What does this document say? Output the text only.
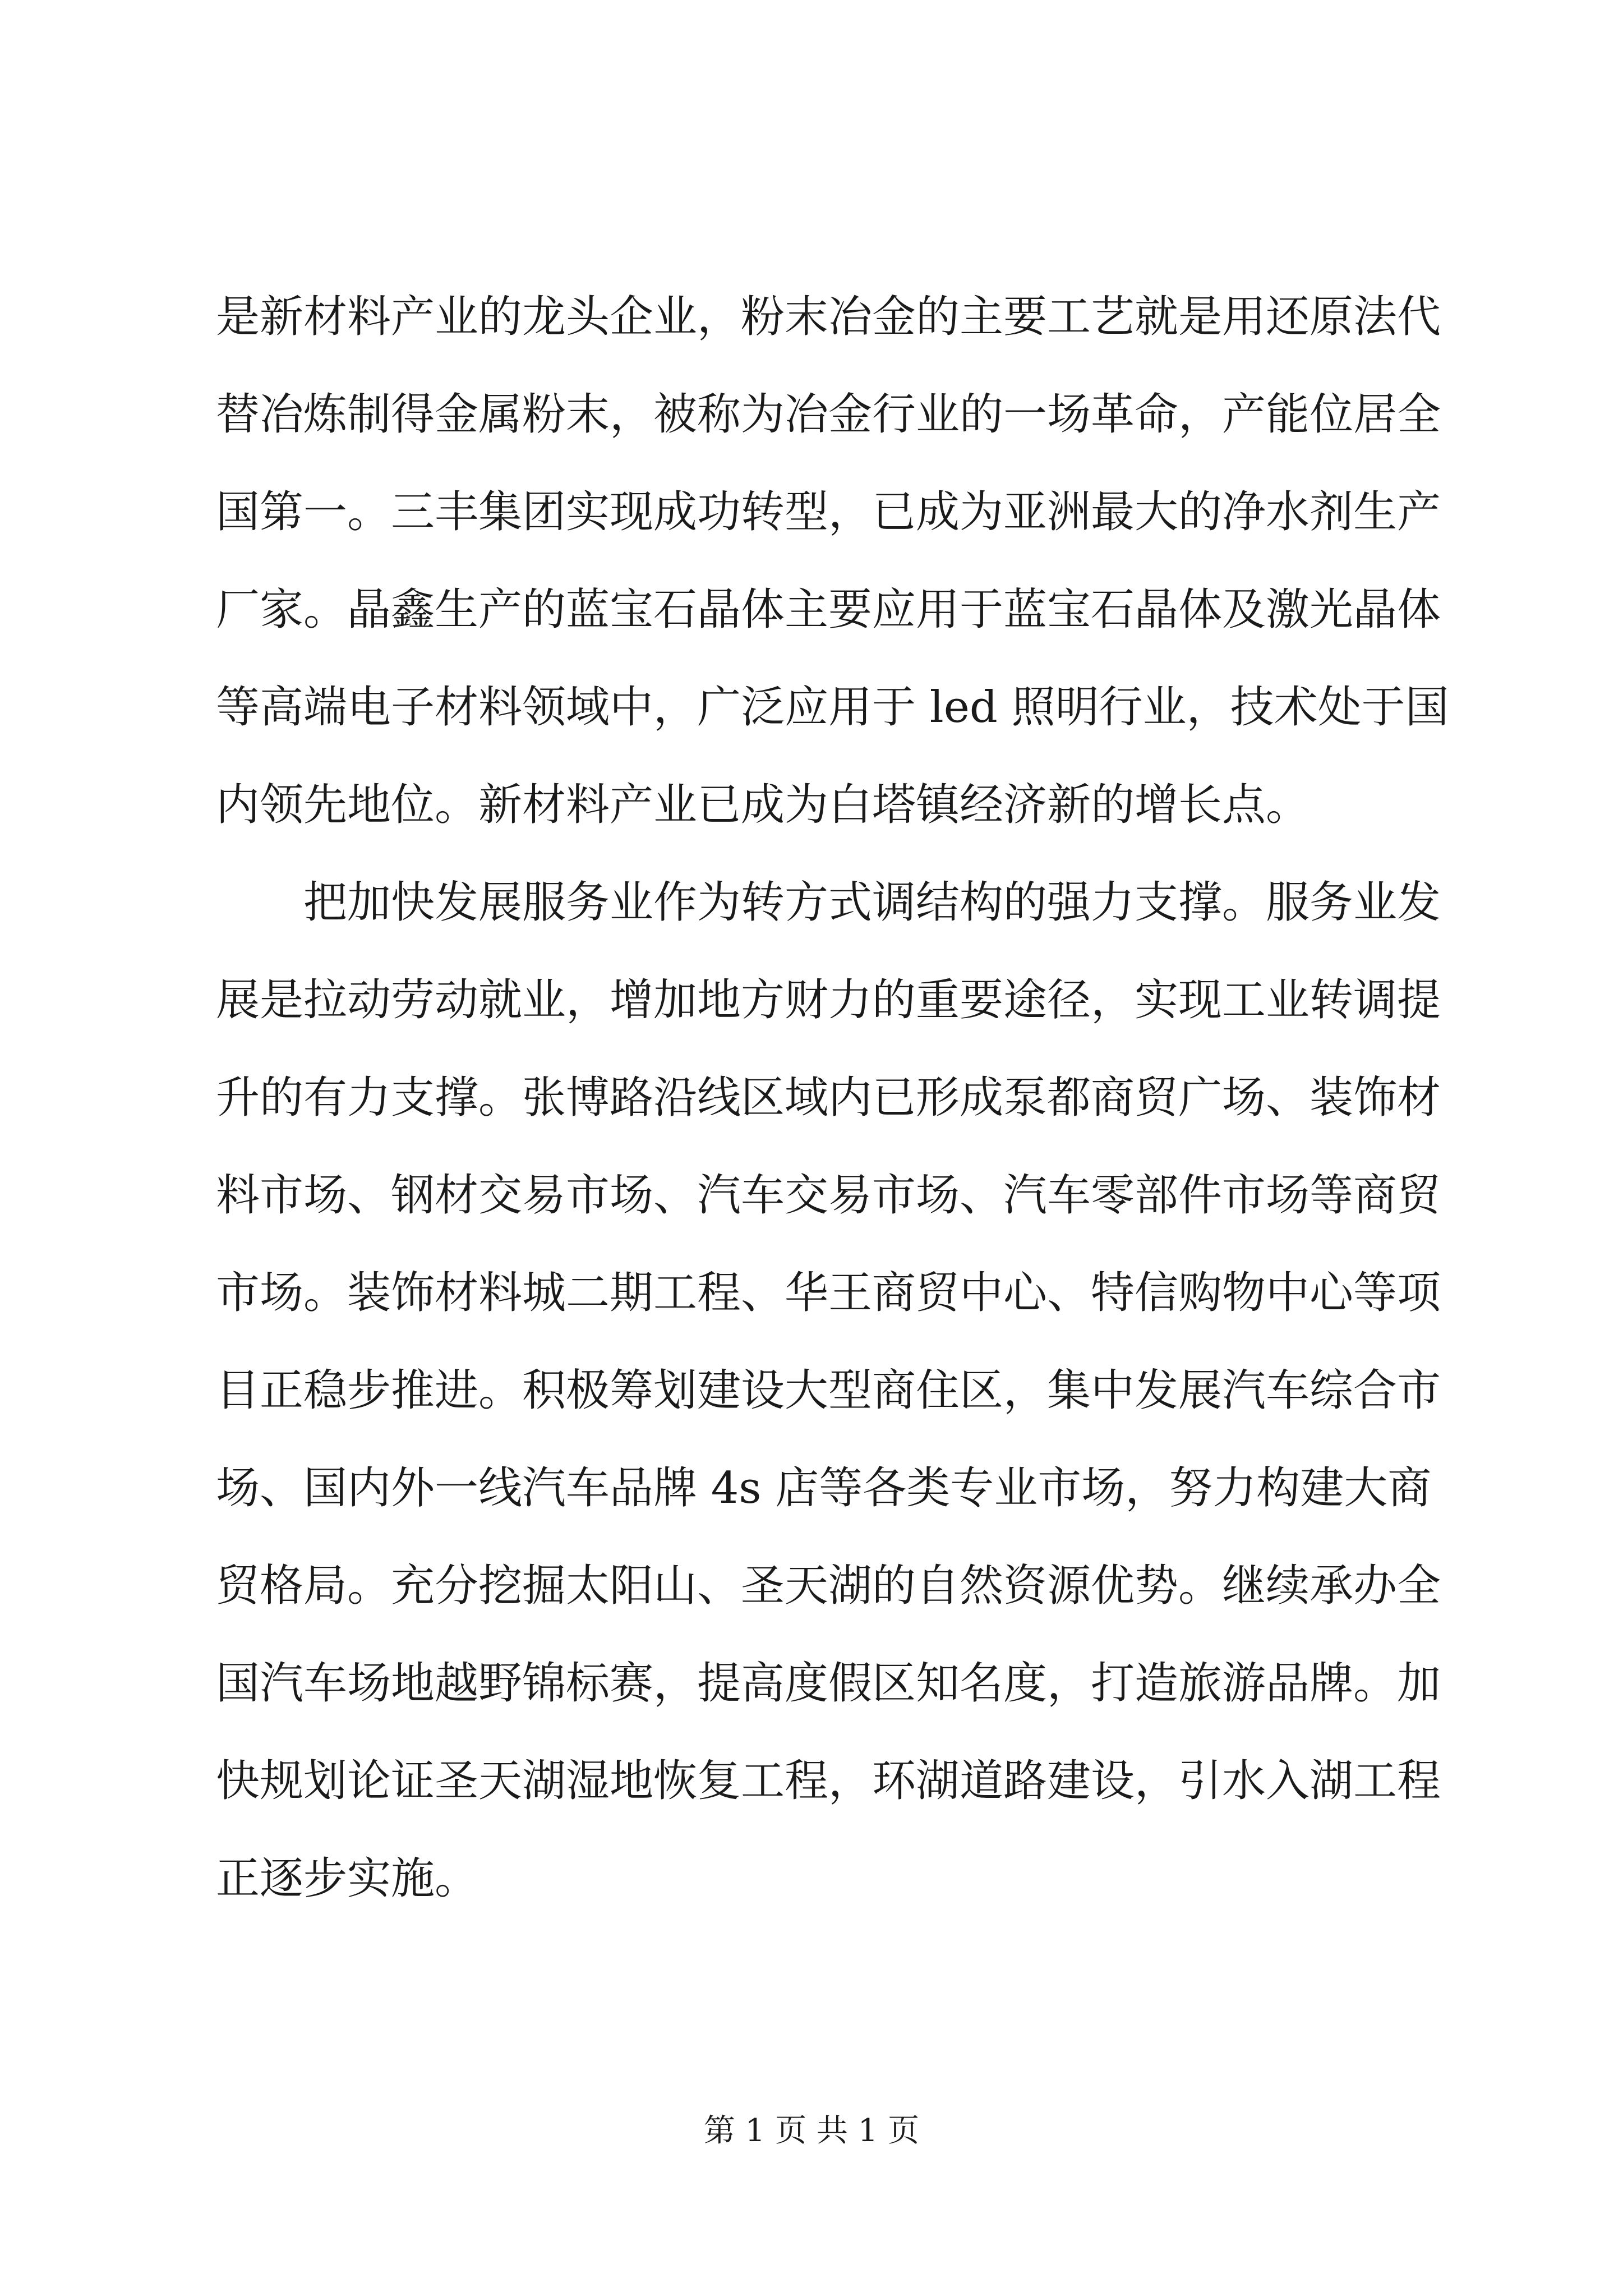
是新材料产业的龙头企业，粉末冶金的主要工艺就是用还原法代
替冶炼制得金属粉末，被称为冶金行业的一场革命，产能位居全
国第一。三丰集团实现成功转型，已成为亚洲最大的净水剂生产
厂家。晶鑫生产的蓝宝石晶体主要应用于蓝宝石晶体及激光晶体
等高端电子材料领域中，广泛应用于 led 照明行业，技术处于国
内领先地位。新材料产业已成为白塔镇经济新的增长点。
把加快发展服务业作为转方式调结构的强力支撑。服务业发
展是拉动劳动就业，增加地方财力的重要途径，实现工业转调提
升的有力支撑。张博路沿线区域内已形成泵都商贸广场、装饰材
料市场、钢材交易市场、汽车交易市场、汽车零部件市场等商贸
市场。装饰材料城二期工程、华王商贸中心、特信购物中心等项
目正稳步推进。积极筹划建设大型商住区，集中发展汽车综合市
场、国内外一线汽车品牌 4s 店等各类专业市场，努力构建大商
贸格局。充分挖掘太阳山、圣天湖的自然资源优势。继续承办全
国汽车场地越野锦标赛，提高度假区知名度，打造旅游品牌。加
快规划论证圣天湖湿地恢复工程，环湖道路建设，引水入湖工程
正逐步实施。
第 1 页 共 1 页
